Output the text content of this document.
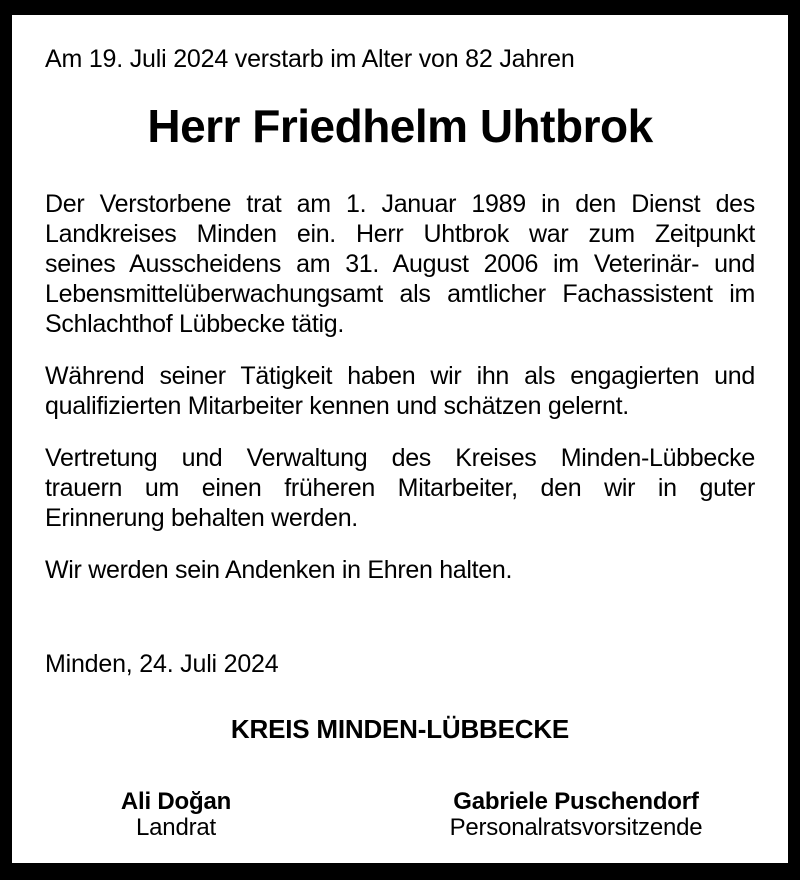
Am 19. Juli 2024 verstarb im Alter von 82 Jahren
Herr Friedhelm Uhtbrok
Der Verstorbene trat am 1. Januar 1989 in den Dienst des
Landkreises Minden ein. Herr Uhtbrok war zum Zeitpunkt
seines Ausscheidens am 31. August 2006 im Veterinär- und
Lebensmittelüberwachungsamt als amtlicher Fachassistent im
Schlachthof Lübbecke tätig.
Während seiner Tätigkeit haben wir ihn als engagierten und
qualifizierten Mitarbeiter kennen und schätzen gelernt.
Vertretung und Verwaltung des Kreises Minden-Lübbecke
trauern um einen früheren Mitarbeiter, den wir in guter
Erinnerung behalten werden.
Wir werden sein Andenken in Ehren halten.
Minden, 24. Juli 2024
KREIS MINDEN-LÜBBECKE
Ali Doğan
Landrat
Gabriele Puschendorf
Personalratsvorsitzende
